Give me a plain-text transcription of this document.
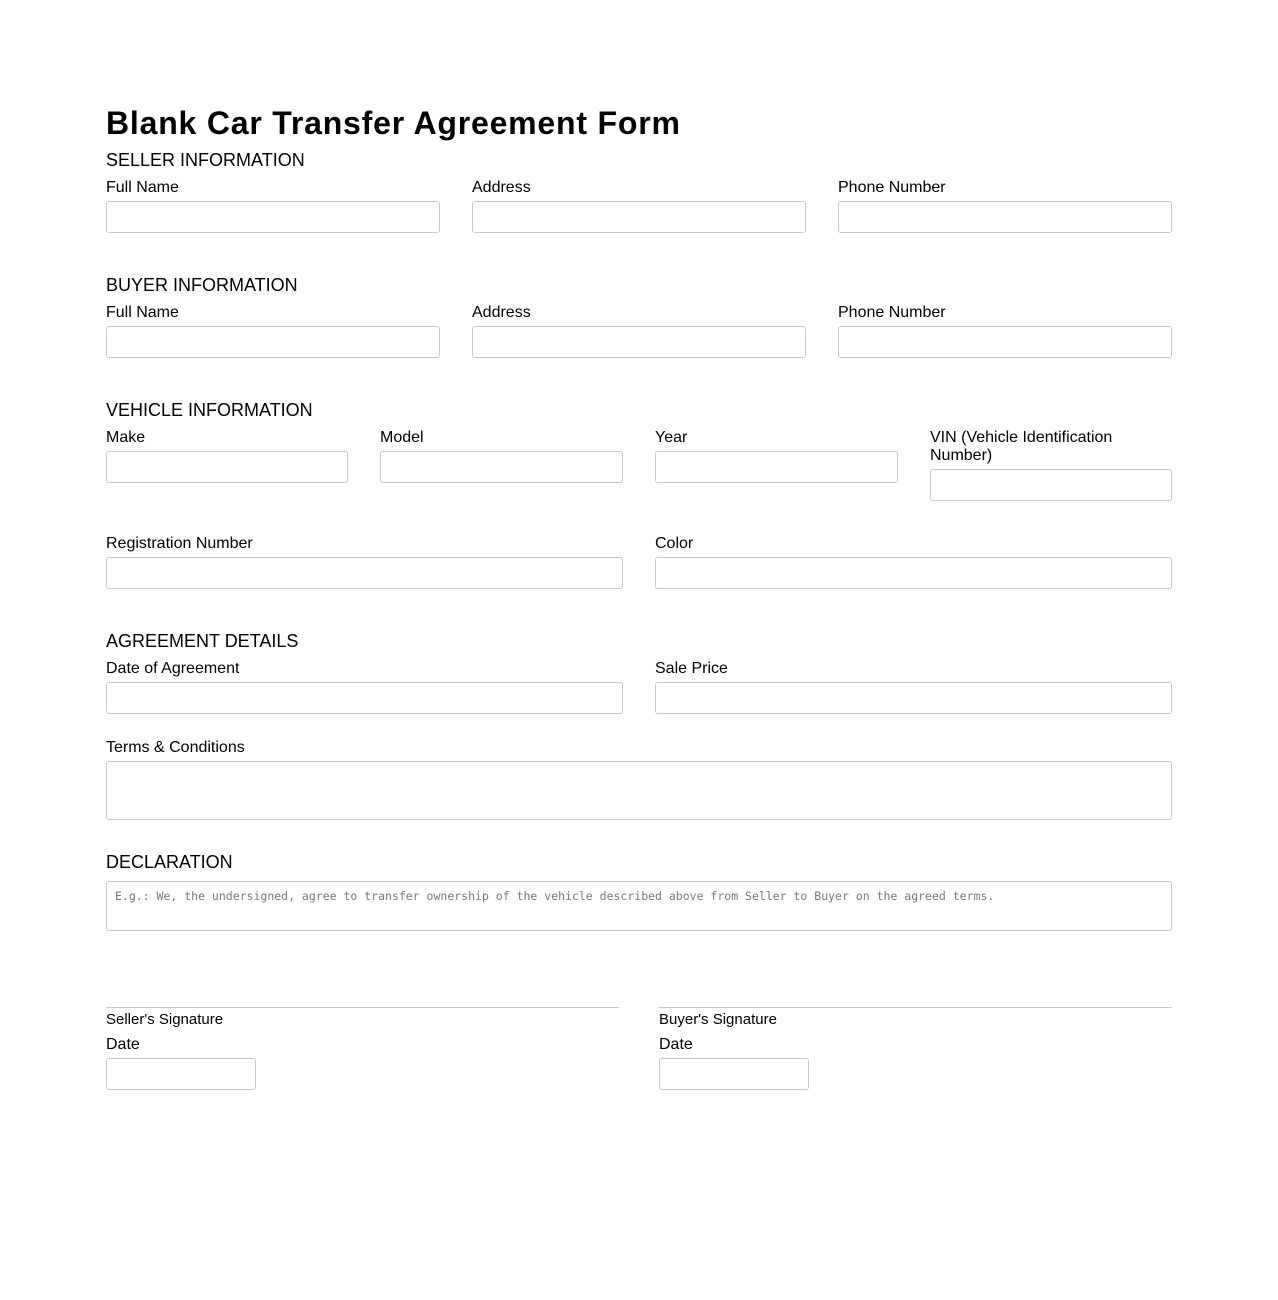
Blank Car Transfer Agreement Form
SELLER INFORMATION
Full Name	Address	Phone Number
BUYER INFORMATION
Full Name	Address	Phone Number
VEHICLE INFORMATION
Make	Model	Year	VIN (Vehicle Identification Number)
Registration Number	Color
AGREEMENT DETAILS
Date of Agreement	Sale Price
Terms & Conditions
DECLARATION
E.g.: We, the undersigned, agree to transfer ownership of the vehicle described above from Seller to Buyer on the agreed terms.
Seller's Signature	Buyer's Signature
Date	Date
